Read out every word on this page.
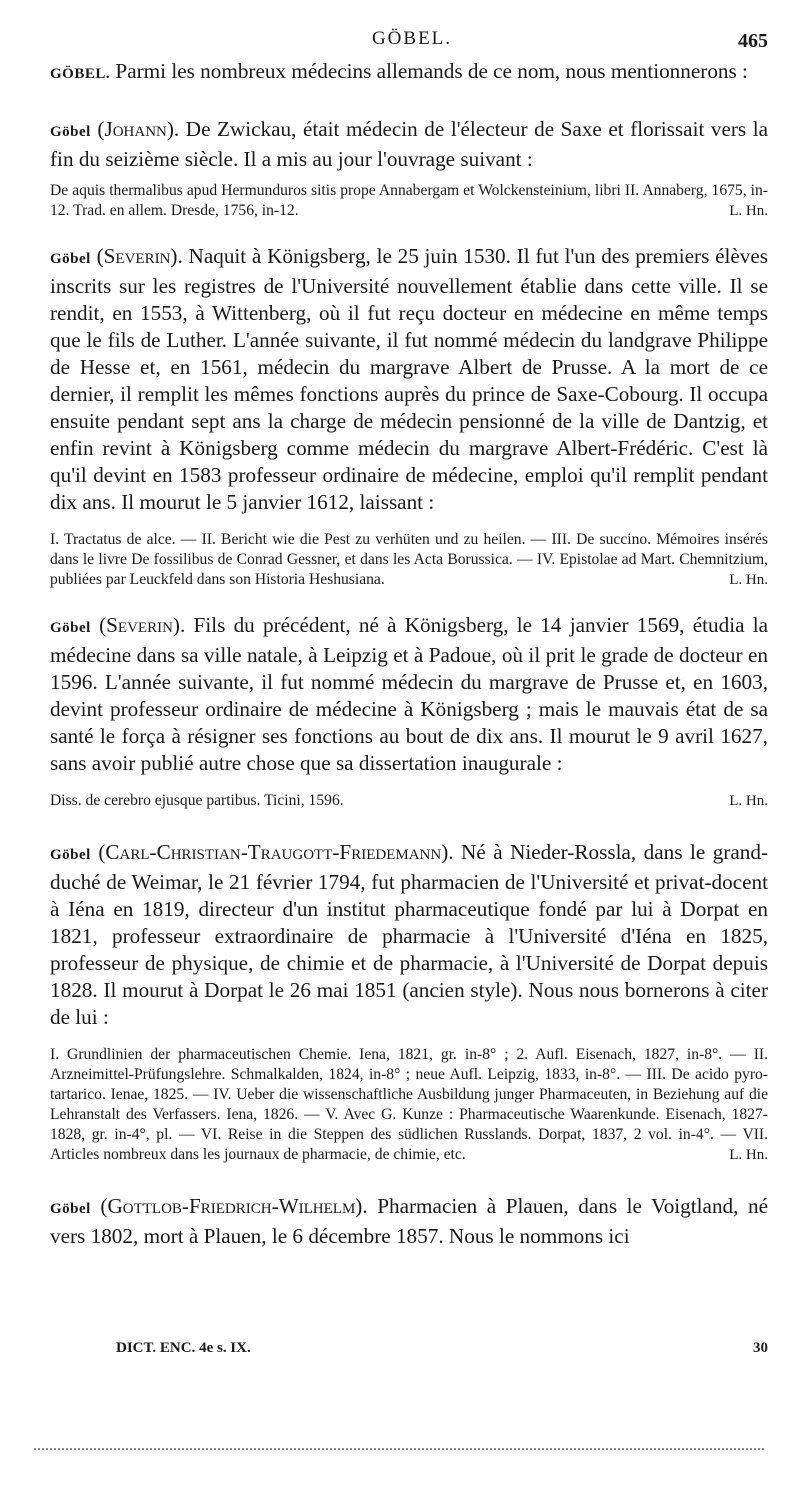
GÖBEL.	465

GÖBEL. Parmi les nombreux médecins allemands de ce nom, nous mentionnerons :

Göbel (Johann). De Zwickau, était médecin de l'électeur de Saxe et florissait vers la fin du seizième siècle. Il a mis au jour l'ouvrage suivant :

De aquis thermalibus apud Hermunduros sitis prope Annabergam et Wolckensteinium, libri II. Annaberg, 1675, in-12. Trad. en allem. Dresde, 1756, in-12.	L. Hn.

Göbel (Severin). Naquit à Königsberg, le 25 juin 1530. Il fut l'un des premiers élèves inscrits sur les registres de l'Université nouvellement établie dans cette ville. Il se rendit, en 1553, à Wittenberg, où il fut reçu docteur en médecine en même temps que le fils de Luther. L'année suivante, il fut nommé médecin du landgrave Philippe de Hesse et, en 1561, médecin du margrave Albert de Prusse. A la mort de ce dernier, il remplit les mêmes fonctions auprès du prince de Saxe-Cobourg. Il occupa ensuite pendant sept ans la charge de médecin pensionné de la ville de Dantzig, et enfin revint à Königsberg comme médecin du margrave Albert-Frédéric. C'est là qu'il devint en 1583 professeur ordinaire de médecine, emploi qu'il remplit pendant dix ans. Il mourut le 5 janvier 1612, laissant :

I. Tractatus de alce. — II. Bericht wie die Pest zu verhüten und zu heilen. — III. De succino. Mémoires insérés dans le livre De fossilibus de Conrad Gessner, et dans les Acta Borussica. — IV. Epistolae ad Mart. Chemnitzium, publiées par Leuckfeld dans son Historia Heshusiana.	L. Hn.

Göbel (Severin). Fils du précédent, né à Königsberg, le 14 janvier 1569, étudia la médecine dans sa ville natale, à Leipzig et à Padoue, où il prit le grade de docteur en 1596. L'année suivante, il fut nommé médecin du margrave de Prusse et, en 1603, devint professeur ordinaire de médecine à Königsberg ; mais le mauvais état de sa santé le força à résigner ses fonctions au bout de dix ans. Il mourut le 9 avril 1627, sans avoir publié autre chose que sa dissertation inaugurale :

Diss. de cerebro ejusque partibus. Ticini, 1596.	L. Hn.

Göbel (Carl-Christian-Traugott-Friedemann). Né à Nieder-Rossla, dans le grand-duché de Weimar, le 21 février 1794, fut pharmacien de l'Université et privat-docent à Iéna en 1819, directeur d'un institut pharmaceutique fondé par lui à Dorpat en 1821, professeur extraordinaire de pharmacie à l'Université d'Iéna en 1825, professeur de physique, de chimie et de pharmacie, à l'Université de Dorpat depuis 1828. Il mourut à Dorpat le 26 mai 1851 (ancien style). Nous nous bornerons à citer de lui :

I. Grundlinien der pharmaceutischen Chemie. Iena, 1821, gr. in-8° ; 2. Aufl. Eisenach, 1827, in-8°. — II. Arzneimittel-Prüfungslehre. Schmalkalden, 1824, in-8° ; neue Aufl. Leipzig, 1833, in-8°. — III. De acido pyro-tartarico. Ienae, 1825. — IV. Ueber die wissenschaftliche Ausbildung junger Pharmaceuten, in Beziehung auf die Lehranstalt des Verfassers. Iena, 1826. — V. Avec G. Kunze : Pharmaceutische Waarenkunde. Eisenach, 1827-1828, gr. in-4°, pl. — VI. Reise in die Steppen des südlichen Russlands. Dorpat, 1837, 2 vol. in-4°. — VII. Articles nombreux dans les journaux de pharmacie, de chimie, etc.	L. Hn.

Göbel (Gottlob-Friedrich-Wilhelm). Pharmacien à Plauen, dans le Voigtland, né vers 1802, mort à Plauen, le 6 décembre 1857. Nous le nommons ici

DICT. ENC. 4e s. IX.	30
